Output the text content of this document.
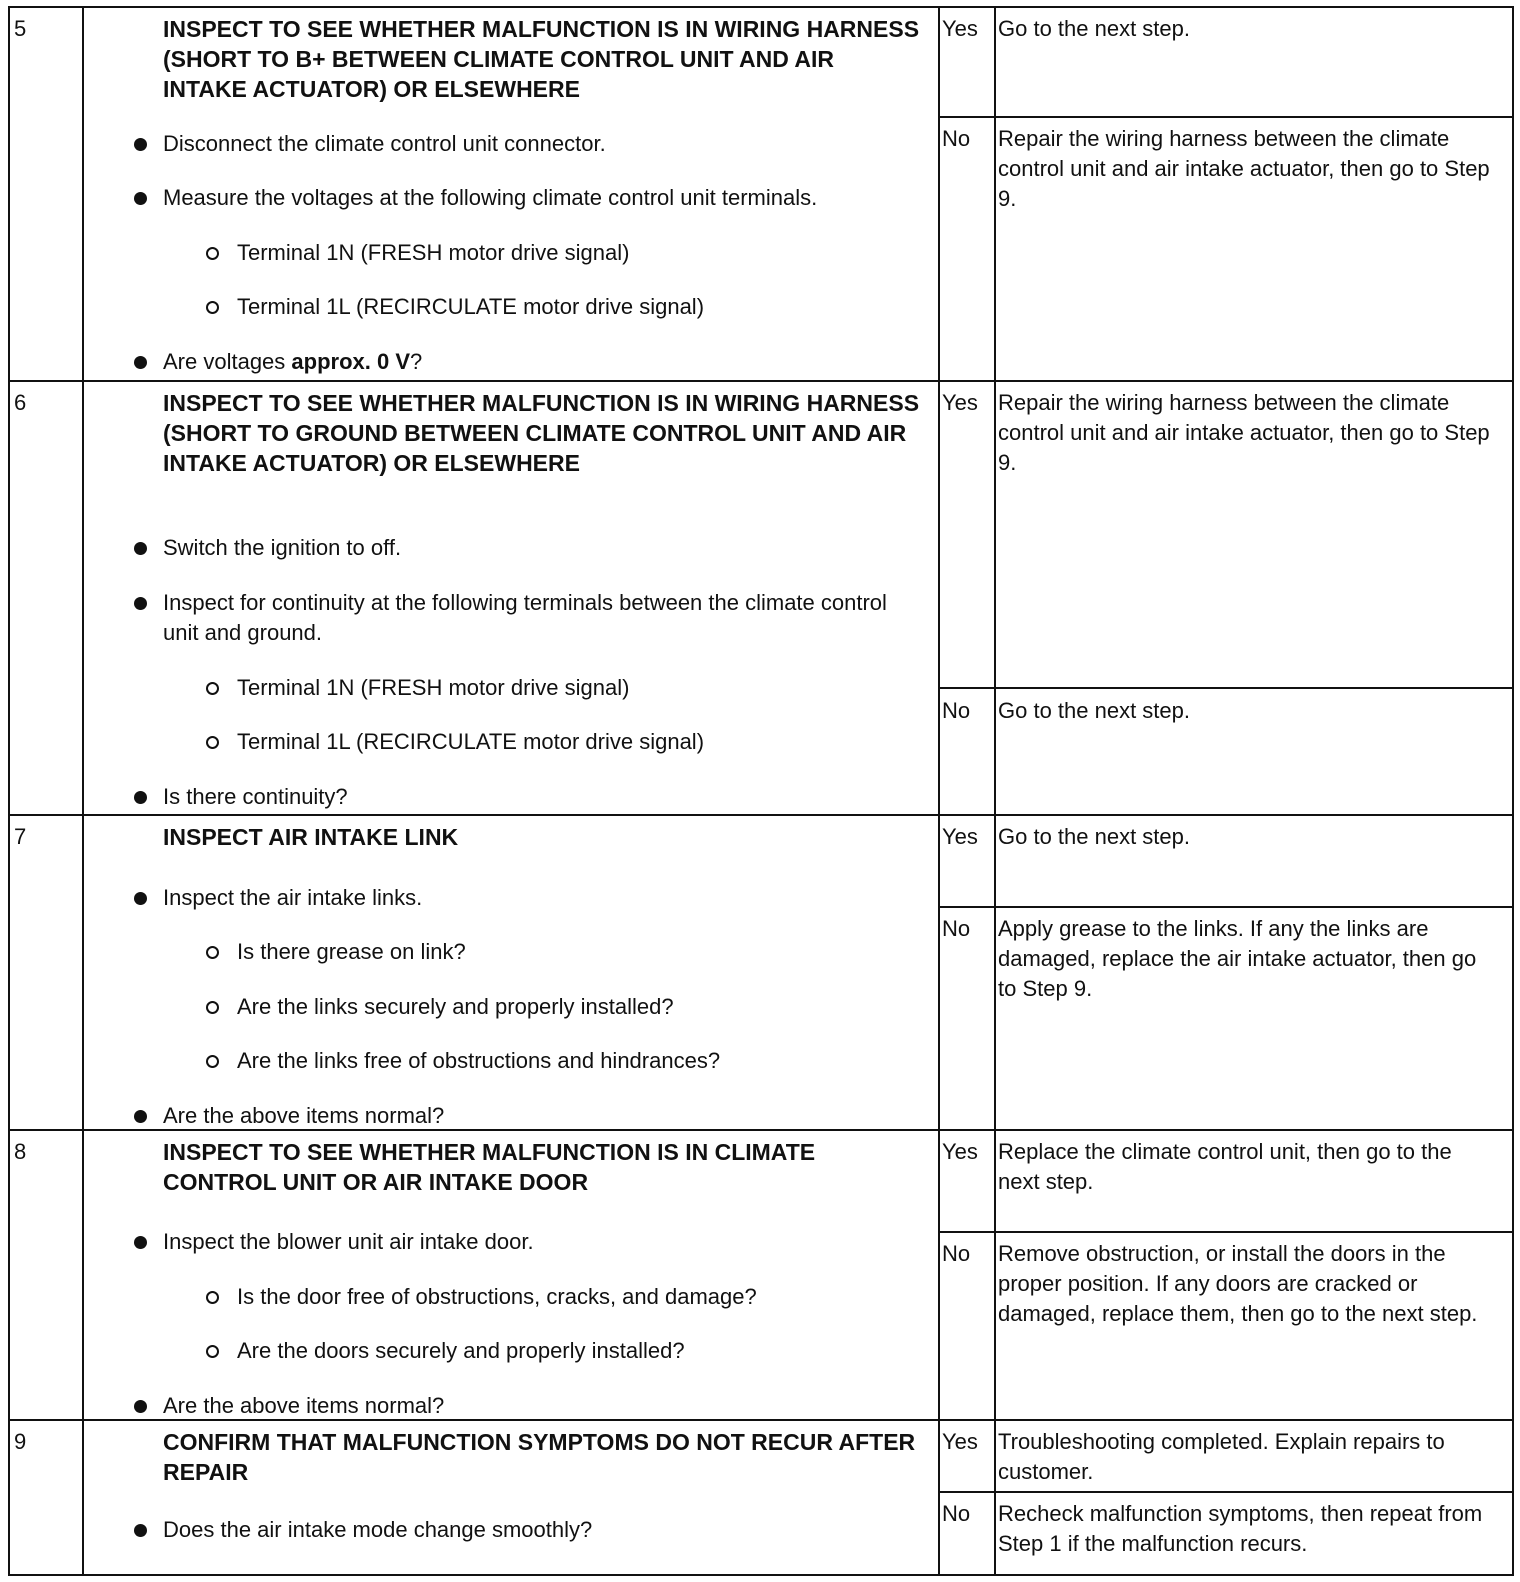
5	INSPECT TO SEE WHETHER MALFUNCTION IS IN WIRING HARNESS (SHORT TO B+ BETWEEN CLIMATE CONTROL UNIT AND AIR INTAKE ACTUATOR) OR ELSEWHERE
Disconnect the climate control unit connector.
Measure the voltages at the following climate control unit terminals.
Terminal 1N (FRESH motor drive signal)
Terminal 1L (RECIRCULATE motor drive signal)
Are voltages approx. 0 V?
Yes Go to the next step.
No Repair the wiring harness between the climate control unit and air intake actuator, then go to Step 9.
6	INSPECT TO SEE WHETHER MALFUNCTION IS IN WIRING HARNESS (SHORT TO GROUND BETWEEN CLIMATE CONTROL UNIT AND AIR INTAKE ACTUATOR) OR ELSEWHERE
Switch the ignition to off.
Inspect for continuity at the following terminals between the climate control unit and ground.
Terminal 1N (FRESH motor drive signal)
Terminal 1L (RECIRCULATE motor drive signal)
Is there continuity?
Yes Repair the wiring harness between the climate control unit and air intake actuator, then go to Step 9.
No Go to the next step.
7	INSPECT AIR INTAKE LINK
Inspect the air intake links.
Is there grease on link?
Are the links securely and properly installed?
Are the links free of obstructions and hindrances?
Are the above items normal?
Yes Go to the next step.
No Apply grease to the links. If any the links are damaged, replace the air intake actuator, then go to Step 9.
8	INSPECT TO SEE WHETHER MALFUNCTION IS IN CLIMATE CONTROL UNIT OR AIR INTAKE DOOR
Inspect the blower unit air intake door.
Is the door free of obstructions, cracks, and damage?
Are the doors securely and properly installed?
Are the above items normal?
Yes Replace the climate control unit, then go to the next step.
No Remove obstruction, or install the doors in the proper position. If any doors are cracked or damaged, replace them, then go to the next step.
9	CONFIRM THAT MALFUNCTION SYMPTOMS DO NOT RECUR AFTER REPAIR
Does the air intake mode change smoothly?
Yes Troubleshooting completed. Explain repairs to customer.
No Recheck malfunction symptoms, then repeat from Step 1 if the malfunction recurs.
